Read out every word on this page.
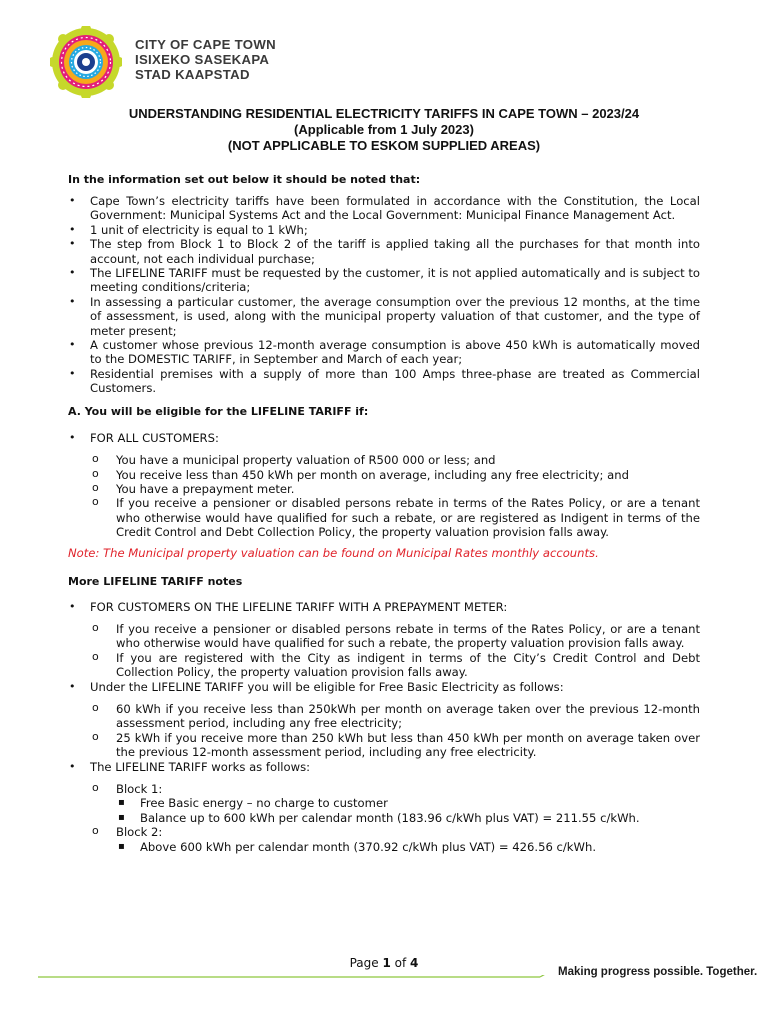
CITY OF CAPE TOWN
ISIXEKO SASEKAPA
STAD KAAPSTAD
UNDERSTANDING RESIDENTIAL ELECTRICITY TARIFFS IN CAPE TOWN – 2023/24
(Applicable from 1 July 2023)
(NOT APPLICABLE TO ESKOM SUPPLIED AREAS)
In the information set out below it should be noted that:
• Cape Town’s electricity tariffs have been formulated in accordance with the Constitution, the Local Government: Municipal Systems Act and the Local Government: Municipal Finance Management Act.
• 1 unit of electricity is equal to 1 kWh;
• The step from Block 1 to Block 2 of the tariff is applied taking all the purchases for that month into account, not each individual purchase;
• The LIFELINE TARIFF must be requested by the customer, it is not applied automatically and is subject to meeting conditions/criteria;
• In assessing a particular customer, the average consumption over the previous 12 months, at the time of assessment, is used, along with the municipal property valuation of that customer, and the type of meter present;
• A customer whose previous 12-month average consumption is above 450 kWh is automatically moved to the DOMESTIC TARIFF, in September and March of each year;
• Residential premises with a supply of more than 100 Amps three-phase are treated as Commercial Customers.
A. You will be eligible for the LIFELINE TARIFF if:
• FOR ALL CUSTOMERS:
o You have a municipal property valuation of R500 000 or less; and
o You receive less than 450 kWh per month on average, including any free electricity; and
o You have a prepayment meter.
o If you receive a pensioner or disabled persons rebate in terms of the Rates Policy, or are a tenant who otherwise would have qualified for such a rebate, or are registered as Indigent in terms of the Credit Control and Debt Collection Policy, the property valuation provision falls away.
Note: The Municipal property valuation can be found on Municipal Rates monthly accounts.
More LIFELINE TARIFF notes
• FOR CUSTOMERS ON THE LIFELINE TARIFF WITH A PREPAYMENT METER:
o If you receive a pensioner or disabled persons rebate in terms of the Rates Policy, or are a tenant who otherwise would have qualified for such a rebate, the property valuation provision falls away.
o If you are registered with the City as indigent in terms of the City’s Credit Control and Debt Collection Policy, the property valuation provision falls away.
• Under the LIFELINE TARIFF you will be eligible for Free Basic Electricity as follows:
o 60 kWh if you receive less than 250kWh per month on average taken over the previous 12-month assessment period, including any free electricity;
o 25 kWh if you receive more than 250 kWh but less than 450 kWh per month on average taken over the previous 12-month assessment period, including any free electricity.
• The LIFELINE TARIFF works as follows:
o Block 1:
▪ Free Basic energy – no charge to customer
▪ Balance up to 600 kWh per calendar month (183.96 c/kWh plus VAT) = 211.55 c/kWh.
o Block 2:
▪ Above 600 kWh per calendar month (370.92 c/kWh plus VAT) = 426.56 c/kWh.
Page 1 of 4
Making progress possible. Together.
